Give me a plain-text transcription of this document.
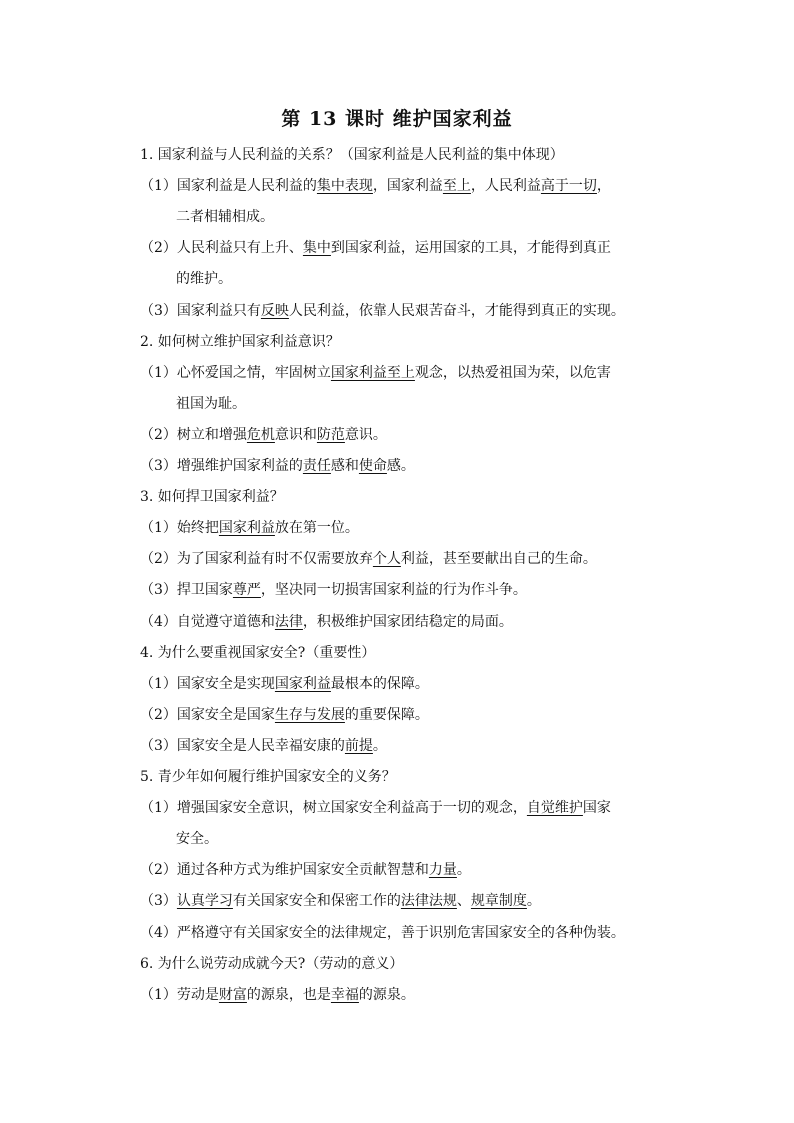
第 13 课时 维护国家利益
1. 国家利益与人民利益的关系？（国家利益是人民利益的集中体现）
（1）国家利益是人民利益的集中表现，国家利益至上，人民利益高于一切，
二者相辅相成。
（2）人民利益只有上升、集中到国家利益，运用国家的工具，才能得到真正
的维护。
（3）国家利益只有反映人民利益，依靠人民艰苦奋斗，才能得到真正的实现。
2. 如何树立维护国家利益意识？
（1）心怀爱国之情，牢固树立国家利益至上观念，以热爱祖国为荣，以危害
祖国为耻。
（2）树立和增强危机意识和防范意识。
（3）增强维护国家利益的责任感和使命感。
3. 如何捍卫国家利益？
（1）始终把国家利益放在第一位。
（2）为了国家利益有时不仅需要放弃个人利益，甚至要献出自己的生命。
（3）捍卫国家尊严，坚决同一切损害国家利益的行为作斗争。
（4）自觉遵守道德和法律，积极维护国家团结稳定的局面。
4. 为什么要重视国家安全?（重要性）
（1）国家安全是实现国家利益最根本的保障。
（2）国家安全是国家生存与发展的重要保障。
（3）国家安全是人民幸福安康的前提。
5. 青少年如何履行维护国家安全的义务？
（1）增强国家安全意识，树立国家安全利益高于一切的观念，自觉维护国家
安全。
（2）通过各种方式为维护国家安全贡献智慧和力量。
（3）认真学习有关国家安全和保密工作的法律法规、规章制度。
（4）严格遵守有关国家安全的法律规定，善于识别危害国家安全的各种伪装。
6. 为什么说劳动成就今天?（劳动的意义）
（1）劳动是财富的源泉，也是幸福的源泉。
